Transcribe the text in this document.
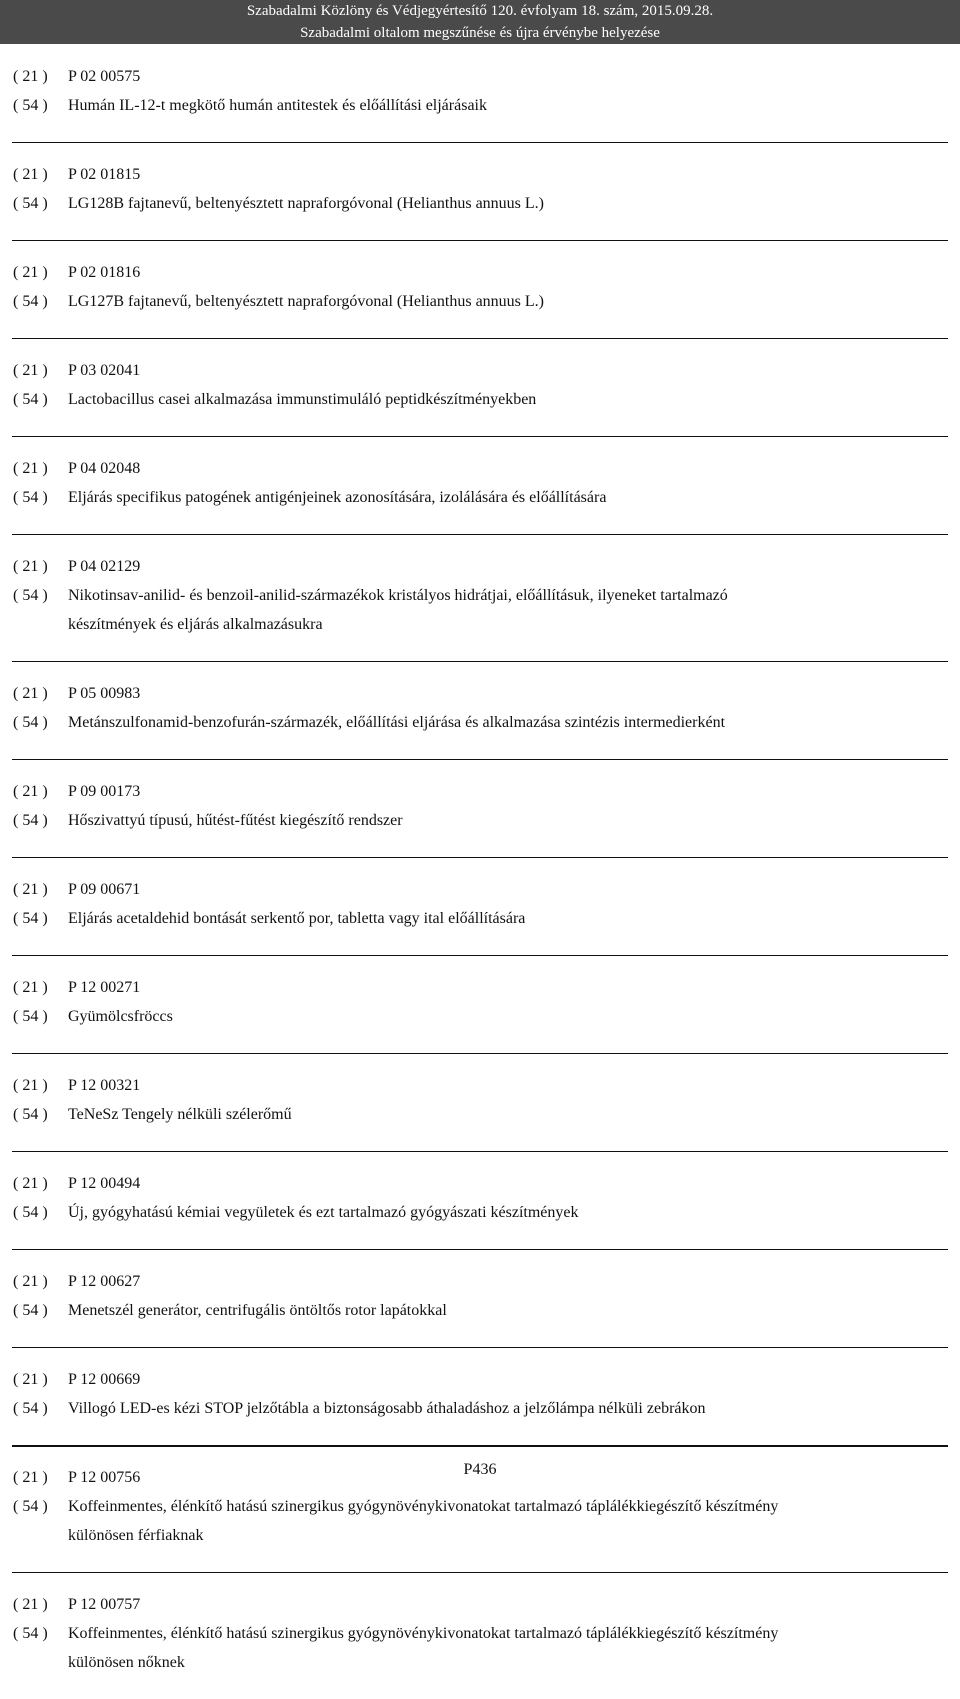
Szabadalmi Közlöny és Védjegyértesítő 120. évfolyam 18. szám, 2015.09.28.
Szabadalmi oltalom megszűnése és újra érvénybe helyezése
( 21 ) P 02 00575
( 54 ) Humán IL-12-t megkötő humán antitestek és előállítási eljárásaik
( 21 ) P 02 01815
( 54 ) LG128B fajtanevű, beltenyésztett napraforgóvonal (Helianthus annuus L.)
( 21 ) P 02 01816
( 54 ) LG127B fajtanevű, beltenyésztett napraforgóvonal (Helianthus annuus L.)
( 21 ) P 03 02041
( 54 ) Lactobacillus casei alkalmazása immunstimuláló peptidkészítményekben
( 21 ) P 04 02048
( 54 ) Eljárás specifikus patogének antigénjeinek azonosítására, izolálására és előállítására
( 21 ) P 04 02129
( 54 ) Nikotinsav-anilid- és benzoil-anilid-származékok kristályos hidrátjai, előállításuk, ilyeneket tartalmazó
készítmények és eljárás alkalmazásukra
( 21 ) P 05 00983
( 54 ) Metánszulfonamid-benzofurán-származék, előállítási eljárása és alkalmazása szintézis intermedierként
( 21 ) P 09 00173
( 54 ) Hőszivattyú típusú, hűtést-fűtést kiegészítő rendszer
( 21 ) P 09 00671
( 54 ) Eljárás acetaldehid bontását serkentő por, tabletta vagy ital előállítására
( 21 ) P 12 00271
( 54 ) Gyümölcsfröccs
( 21 ) P 12 00321
( 54 ) TeNeSz Tengely nélküli szélerőmű
( 21 ) P 12 00494
( 54 ) Új, gyógyhatású kémiai vegyületek és ezt tartalmazó gyógyászati készítmények
( 21 ) P 12 00627
( 54 ) Menetszél generátor, centrifugális öntöltős rotor lapátokkal
( 21 ) P 12 00669
( 54 ) Villogó LED-es kézi STOP jelzőtábla a biztonságosabb áthaladáshoz a jelzőlámpa nélküli zebrákon
( 21 ) P 12 00756
( 54 ) Koffeinmentes, élénkítő hatású szinergikus gyógynövénykivonatokat tartalmazó táplálékkiegészítő készítmény
különösen férfiaknak
( 21 ) P 12 00757
( 54 ) Koffeinmentes, élénkítő hatású szinergikus gyógynövénykivonatokat tartalmazó táplálékkiegészítő készítmény
különösen nőknek
P436
